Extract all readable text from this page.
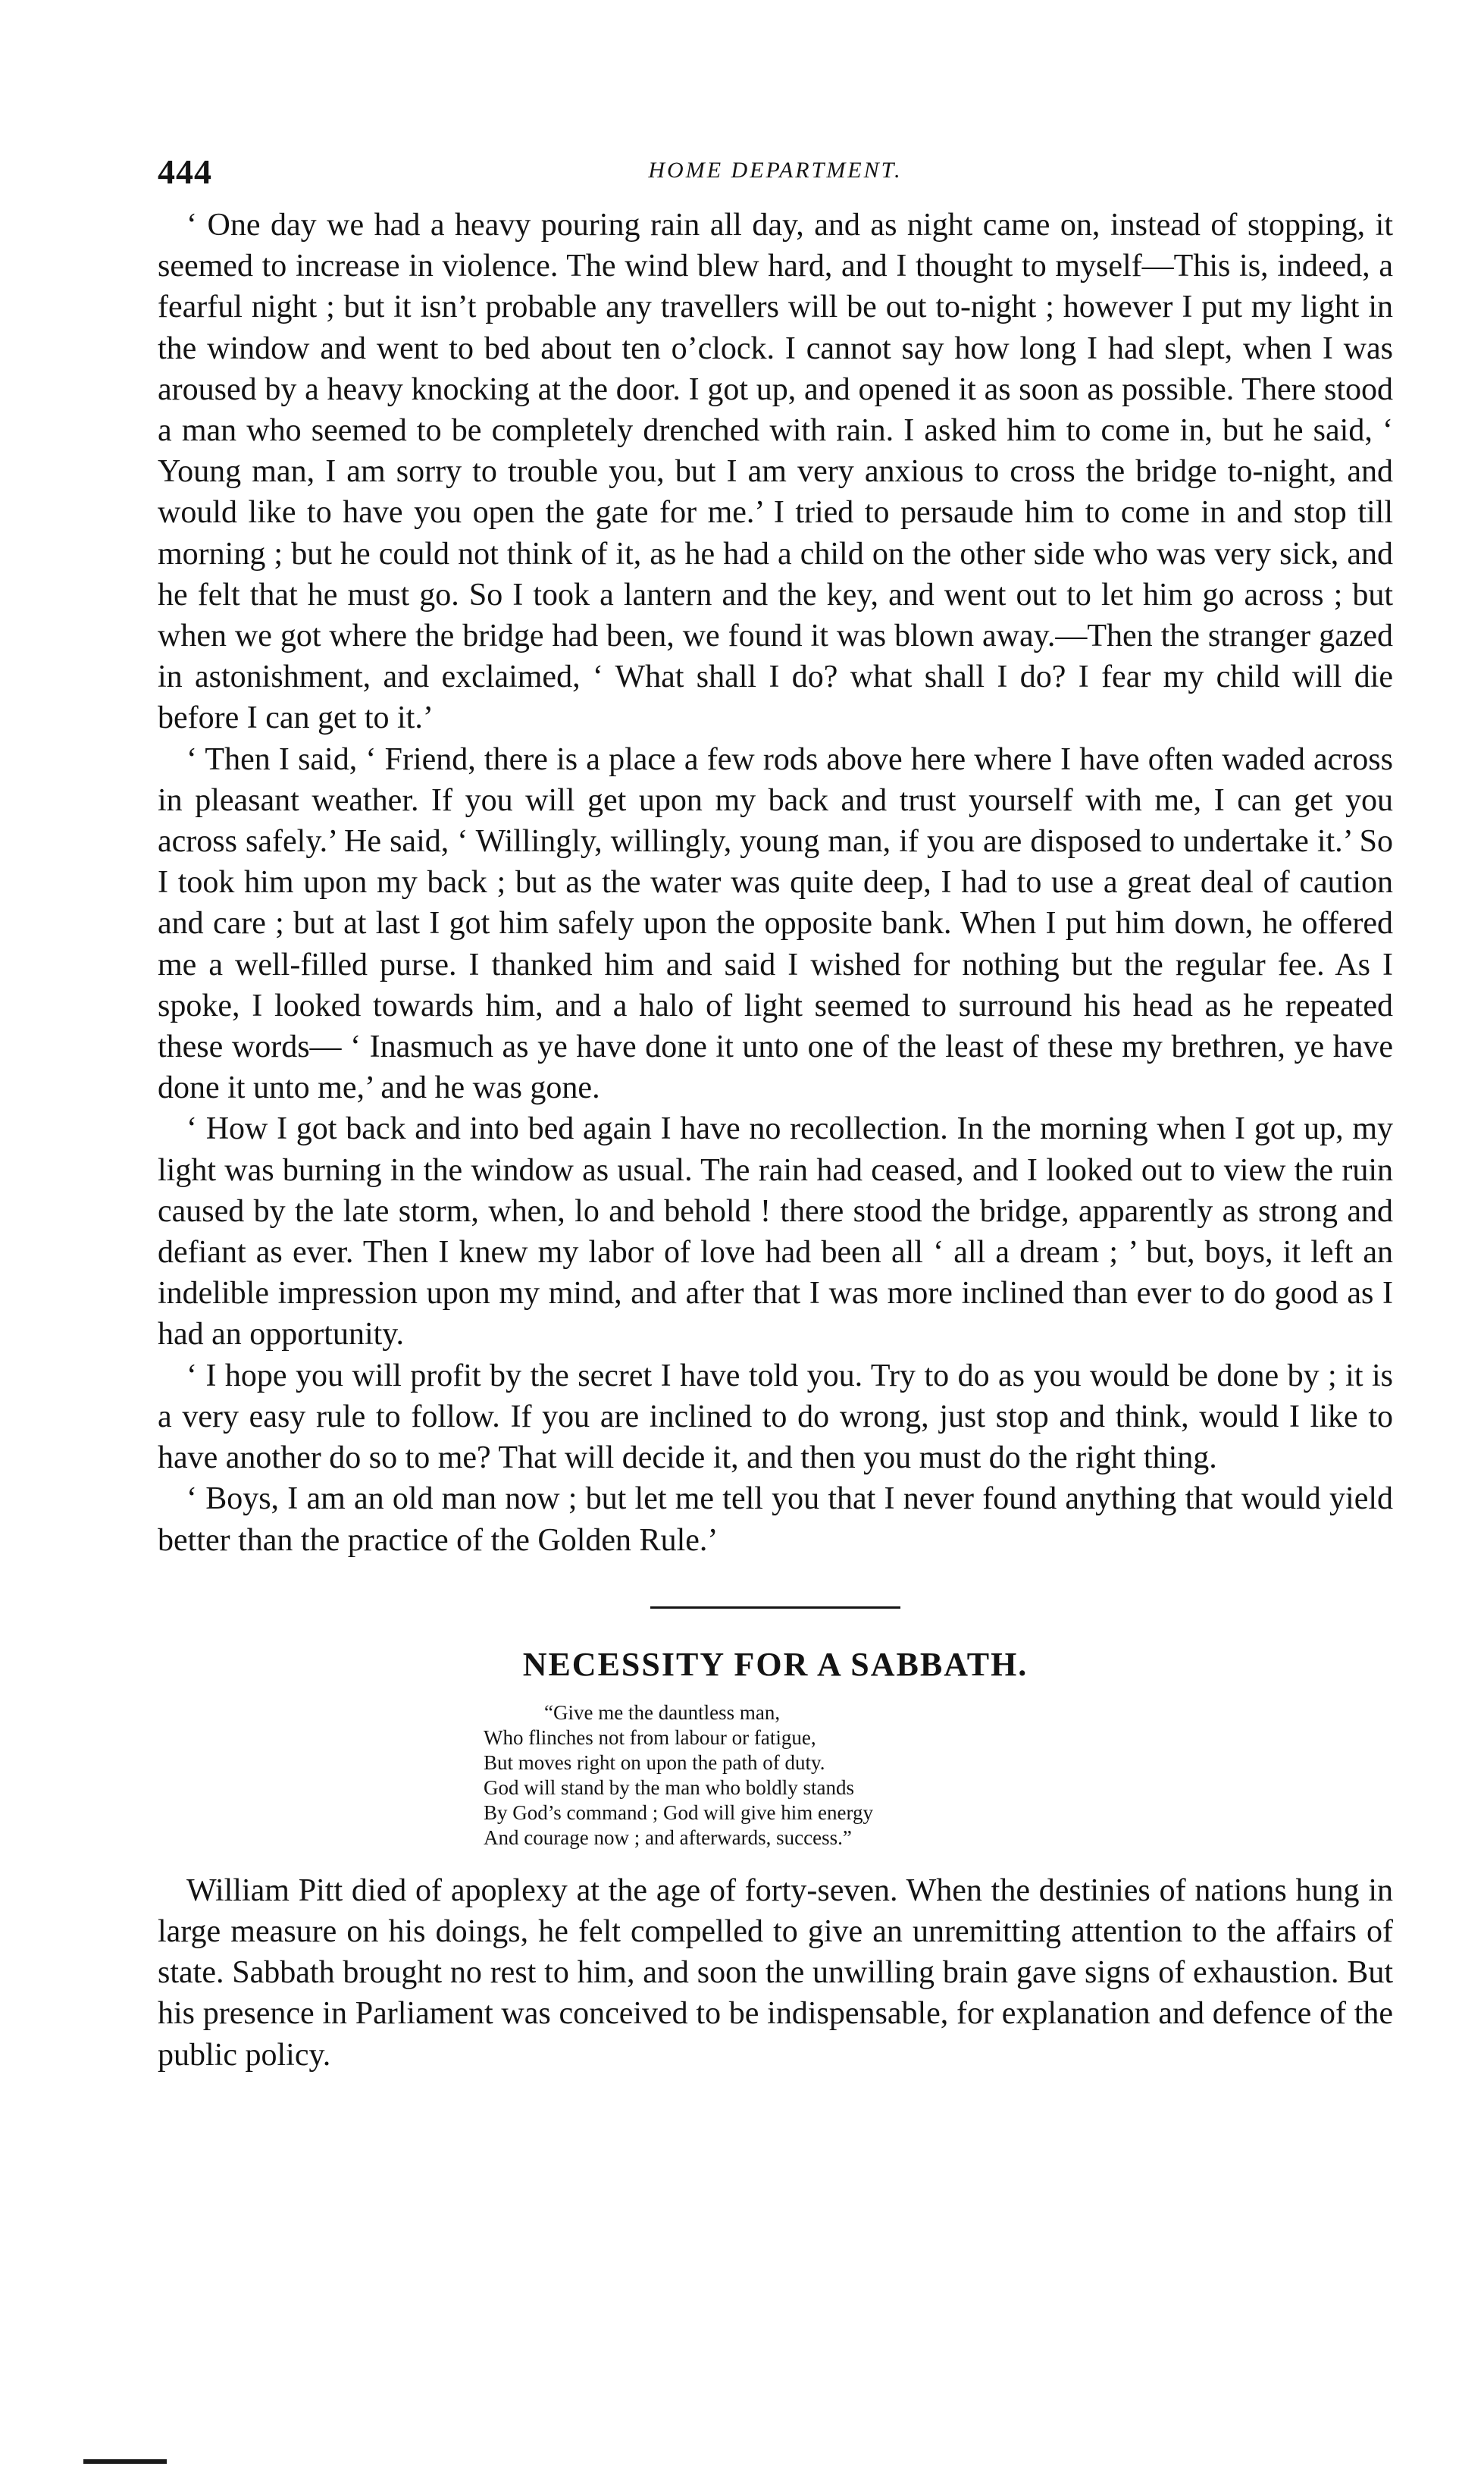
444	HOME DEPARTMENT.

‘ One day we had a heavy pouring rain all day, and as night came on, instead of stopping, it seemed to increase in violence. The wind blew hard, and I thought to myself—This is, indeed, a fearful night ; but it isn’t probable any travellers will be out to-night ; however I put my light in the window and went to bed about ten o’clock. I cannot say how long I had slept, when I was aroused by a heavy knocking at the door. I got up, and opened it as soon as possible. There stood a man who seemed to be completely drenched with rain. I asked him to come in, but he said, ‘ Young man, I am sorry to trouble you, but I am very anxious to cross the bridge to-night, and would like to have you open the gate for me.’ I tried to persaude him to come in and stop till morning ; but he could not think of it, as he had a child on the other side who was very sick, and he felt that he must go. So I took a lantern and the key, and went out to let him go across ; but when we got where the bridge had been, we found it was blown away.—Then the stranger gazed in astonishment, and exclaimed, ‘ What shall I do? what shall I do? I fear my child will die before I can get to it.’

‘ Then I said, ‘ Friend, there is a place a few rods above here where I have often waded across in pleasant weather. If you will get upon my back and trust yourself with me, I can get you across safely.’ He said, ‘ Willingly, willingly, young man, if you are disposed to undertake it.’ So I took him upon my back ; but as the water was quite deep, I had to use a great deal of caution and care ; but at last I got him safely upon the opposite bank. When I put him down, he offered me a well-filled purse. I thanked him and said I wished for nothing but the regular fee. As I spoke, I looked towards him, and a halo of light seemed to surround his head as he repeated these words— ‘ Inasmuch as ye have done it unto one of the least of these my brethren, ye have done it unto me,’ and he was gone.

‘ How I got back and into bed again I have no recollection. In the morning when I got up, my light was burning in the window as usual. The rain had ceased, and I looked out to view the ruin caused by the late storm, when, lo and behold ! there stood the bridge, apparently as strong and defiant as ever. Then I knew my labor of love had been all ‘ all a dream ; ’ but, boys, it left an indelible impression upon my mind, and after that I was more inclined than ever to do good as I had an opportunity.

‘ I hope you will profit by the secret I have told you. Try to do as you would be done by ; it is a very easy rule to follow. If you are inclined to do wrong, just stop and think, would I like to have another do so to me? That will decide it, and then you must do the right thing.

‘ Boys, I am an old man now ; but let me tell you that I never found anything that would yield better than the practice of the Golden Rule.’

NECESSITY FOR A SABBATH.
“Give me the dauntless man,
Who flinches not from labour or fatigue,
But moves right on upon the path of duty.
God will stand by the man who boldly stands
By God’s command ; God will give him energy
And courage now ; and afterwards, success.”

William Pitt died of apoplexy at the age of forty-seven. When the destinies of nations hung in large measure on his doings, he felt compelled to give an unremitting attention to the affairs of state. Sabbath brought no rest to him, and soon the unwilling brain gave signs of exhaustion. But his presence in Parliament was conceived to be indispensable, for explanation and defence of the public policy.
